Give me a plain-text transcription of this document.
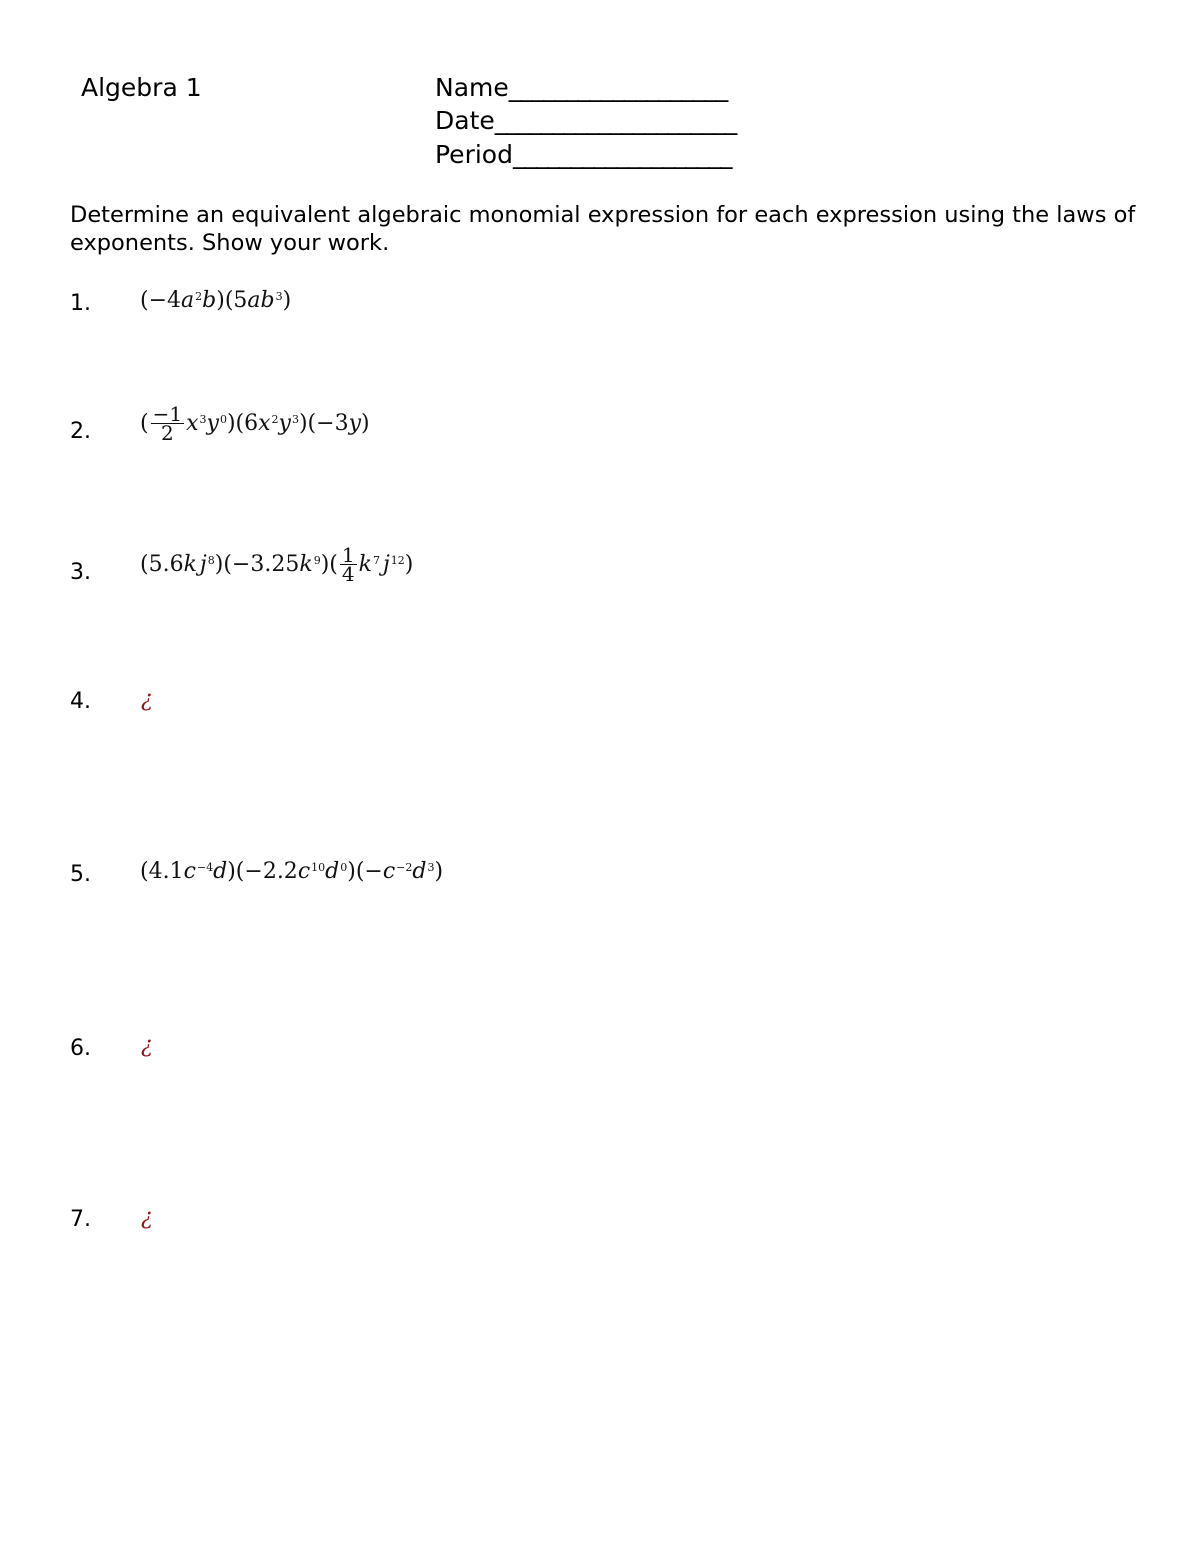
Algebra 1	Name___________________
Date_____________________
Period___________________
Determine an equivalent algebraic monomial expression for each expression using the laws of exponents. Show your work.
1. (−4 $a^2$ b )(5 a $b^3$ )
2. ( $\frac{-1}{2} x^3$ $y^0$ )(6 $x^2$ $y^3$ )(−3 y )
3. (5.6 k $j^8$ )(−3.25 $k^9$ )( $\frac{1}{4} k^7$ $j^{12}$ )
4. ¿
5. (4.1 $c^{-4}$ d )(−2.2 $c^{10}$ $d^0$ )(− $c^{-2}$ $d^3$ )
6. ¿
7. ¿
